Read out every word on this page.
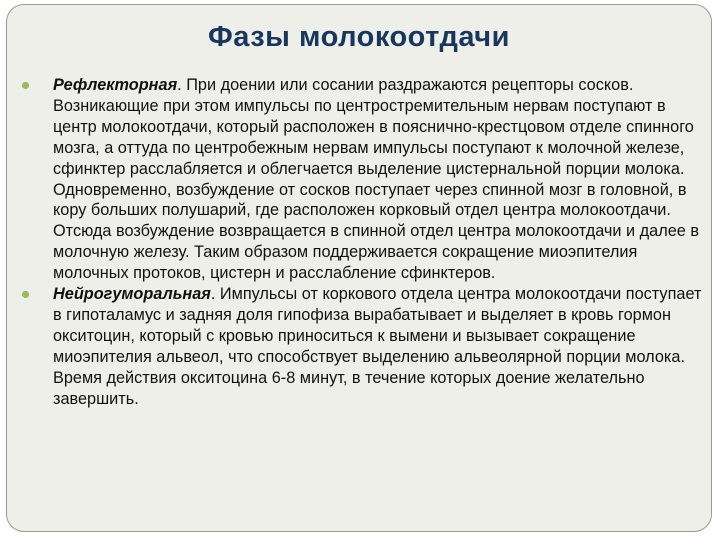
Фазы молокоотдачи
Рефлекторная. При доении или сосании раздражаются рецепторы сосков. Возникающие при этом импульсы по центростремительным нервам поступают в центр молокоотдачи, который расположен в пояснично-крестцовом отделе спинного мозга, а оттуда по центробежным нервам импульсы поступают к молочной железе, сфинктер расслабляется и облегчается выделение цистернальной порции молока. Одновременно, возбуждение от сосков поступает через спинной мозг в головной, в кору больших полушарий, где расположен корковый отдел центра молокоотдачи. Отсюда возбуждение возвращается в спинной отдел центра молокоотдачи и далее в молочную железу. Таким образом поддерживается сокращение миоэпителия молочных протоков, цистерн и расслабление сфинктеров.
Нейрогуморальная. Импульсы от коркового отдела центра молокоотдачи поступает в гипоталамус и задняя доля гипофиза вырабатывает и выделяет в кровь гормон окситоцин, который с кровью приноситься к вымени и вызывает сокращение миоэпителия альвеол, что способствует выделению альвеолярной порции молока. Время действия окситоцина 6-8 минут, в течение которых доение желательно завершить.
